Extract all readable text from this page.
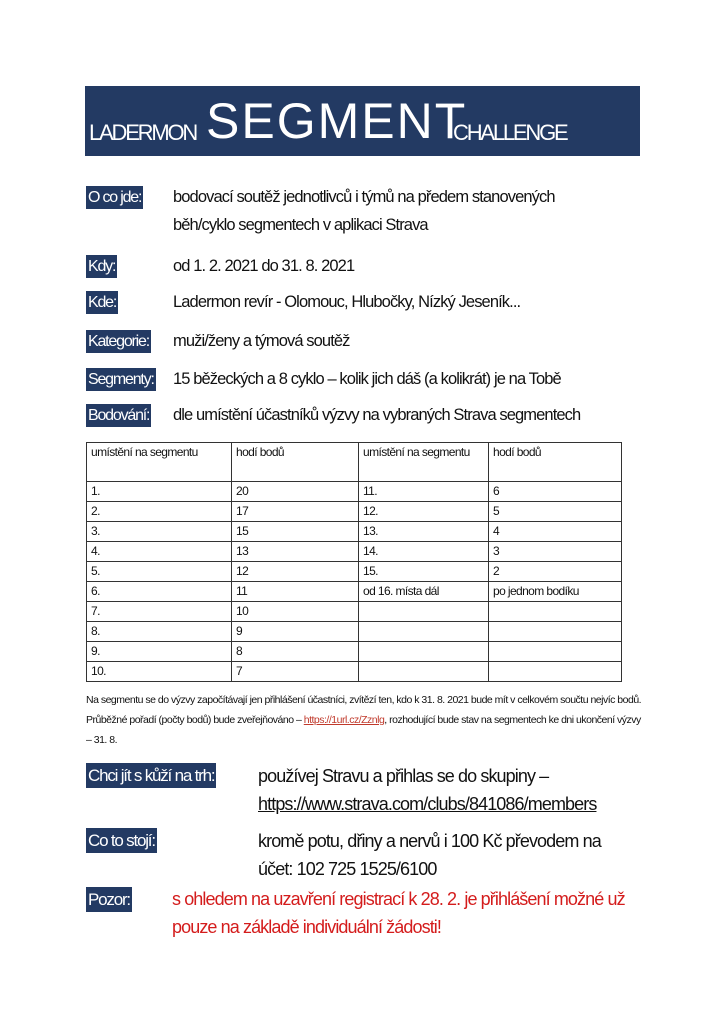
LADERMON SEGMENT
CHALLENGE
O co jde: bodovací soutěž jednotlivců i týmů na předem stanovených
běh/cyklo segmentech v aplikaci Strava
Kdy:	od 1. 2. 2021 do 31. 8. 2021
Kde:	Ladermon revír - Olomouc, Hlubočky, Nízký Jeseník...
Kategorie: muži/ženy a týmová soutěž
Segmenty: 15 běžeckých a 8 cyklo – kolik jich dáš (a kolikrát) je na Tobě
Bodování: dle umístění účastníků výzvy na vybraných Strava segmentech
umístění na segmentu	hodí bodů	umístění na segmentu	hodí bodů
1.	20	11.	6
2.	17	12.	5
3.	15	13.	4
4.	13	14.	3
5.	12	15.	2
6.	11	od 16. místa dál	po jednom bodíku
7.	10		
8.	9		
9.	8		
10.	7		
Na segmentu se do výzvy započítávají jen přihlášení účastníci, zvítězí ten, kdo k 31. 8. 2021 bude mít v celkovém součtu nejvíc bodů. Průběžné pořadí (počty bodů) bude zveřejňováno – https://1url.cz/Zznlg, rozhodující bude stav na segmentech ke dni ukončení výzvy – 31. 8.
Chci jít s kůží na trh: používej Stravu a přihlas se do skupiny –
https://www.strava.com/clubs/841086/members
Co to stojí:	kromě potu, dřiny a nervů i 100 Kč převodem na
účet: 102 725 1525/6100
Pozor: s ohledem na uzavření registrací k 28. 2. je přihlášení možné už
pouze na základě individuální žádosti!
